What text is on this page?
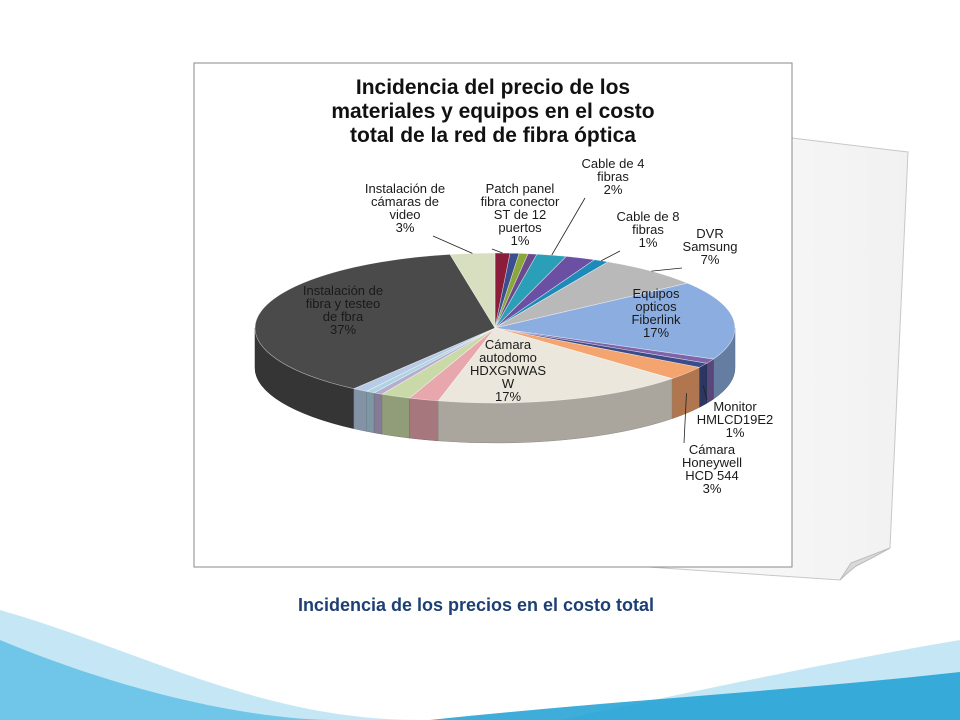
Incidencia del precio de los
materiales y equipos en el costo
total de la red de fibra óptica
Patch panel fibra conector ST de 12 puertos 1%
Cable de 4 fibras 2%
Cable de 8 fibras 1%
DVR Samsung 7%
Equipos opticos Fiberlink 17%
Monitor HMLCD19E2 1%
Cámara Honeywell HCD 544 3%
Cámara autodomo HDXGNWAS W 17%
Instalación de fibra y testeo de fbra 37%
Instalación de cámaras de video 3%
Incidencia de los precios en el costo total
